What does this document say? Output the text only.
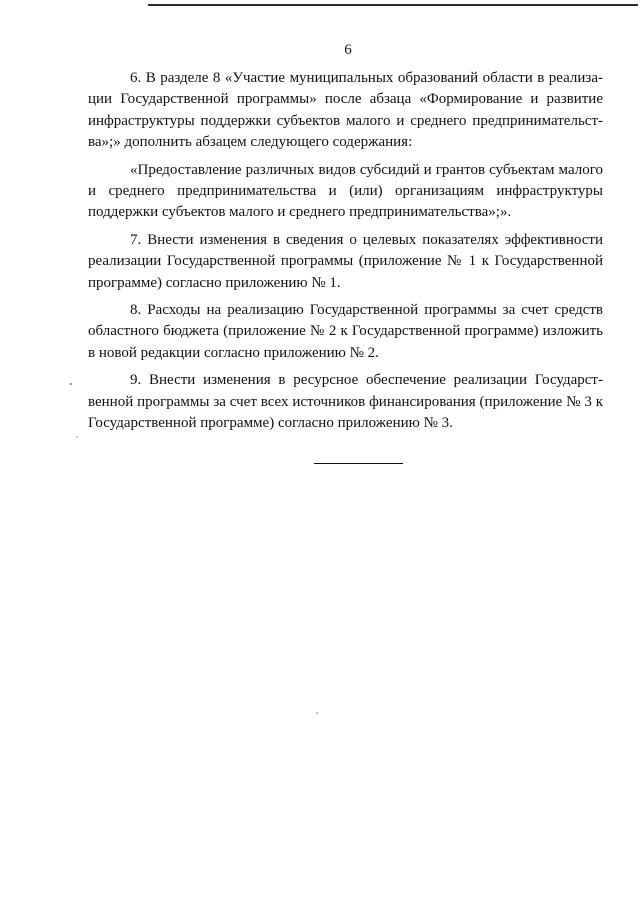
6

6. В разделе 8 «Участие муниципальных образований области в реализации Государственной программы» после абзаца «Формирование и развитие инфраструктуры поддержки субъектов малого и среднего предпринимательства»;» дополнить абзацем следующего содержания:

«Предоставление различных видов субсидий и грантов субъектам малого и среднего предпринимательства и (или) организациям инфраструктуры поддержки субъектов малого и среднего предпринимательства»;».

7. Внести изменения в сведения о целевых показателях эффективности реализации Государственной программы (приложение № 1 к Государственной программе) согласно приложению № 1.

8. Расходы на реализацию Государственной программы за счет средств областного бюджета (приложение № 2 к Государственной программе) изложить в новой редакции согласно приложению № 2.

9. Внести изменения в ресурсное обеспечение реализации Государственной программы за счет всех источников финансирования (приложение № 3 к Государственной программе) согласно приложению № 3.
